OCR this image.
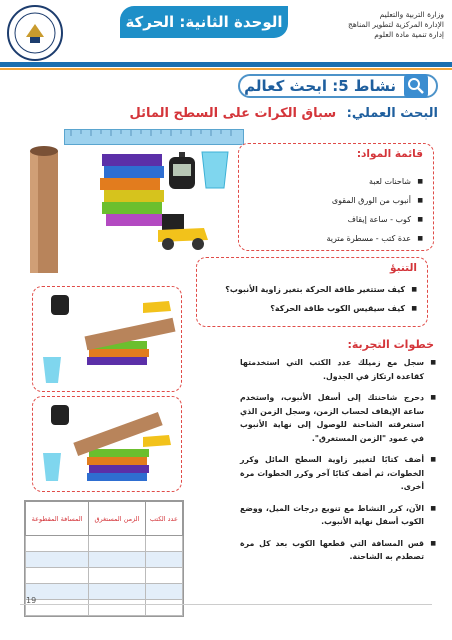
الوحدة الثانية: الحركة	وزارة التربية والتعليم
الإدارة المركزية لتطوير المناهج
إدارة تنمية مادة العلوم
نشاط 5: ابحث كعالم
البحث العملي: سباق الكرات على السطح المائل
قائمة المواد:
■ شاحنات لعبة
■ أنبوب من الورق المقوى
■ كوب - ساعة إيقاف
■ عدة كتب - مسطرة مترية
التنبؤ
■ كيف ستتغير طاقة الحركة بتغير زاوية الأنبوب؟
■ كيف سيقيس الكوب طاقة الحركة؟
خطوات التجربة:
■ سجل مع زميلك عدد الكتب التي استخدمتها كقاعدة ارتكاز في الجدول.
■ دحرج شاحنتك إلى أسفل الأنبوب، واستخدم ساعة الإيقاف لحساب الزمن، وسجل الزمن الذي استغرقته الشاحنة للوصول إلى نهاية الأنبوب في عمود "الزمن المستغرق".
■ أضف كتابًا لتغيير زاوية السطح المائل وكرر الخطوات، ثم أضف كتابًا آخر وكرر الخطوات مرة أخرى.
■ الآن، كرر النشاط مع تنويع درجات الميل، ووضع الكوب أسفل نهاية الأنبوب.
■ قس المسافة التي قطعها الكوب بعد كل مرة تصطدم به الشاحنة.
عدد الكتب	الزمن المستغرق	المسافة المقطوعة

19
